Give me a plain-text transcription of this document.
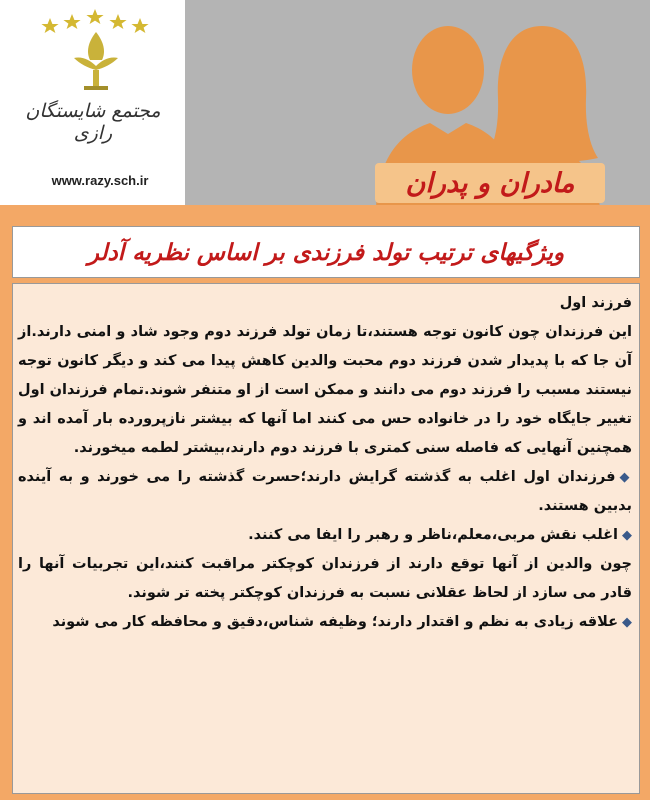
مجتمع شایستگان رازی
www.razy.sch.ir	مادران و پدران
ویژگیهای ترتیب تولد فرزندی بر اساس نظریه آدلر

فرزند اول

این فرزندان چون کانون توجه هستند،تا زمان تولد فرزند دوم وجود شاد و امنی دارند.از آن جا که با پدیدار شدن فرزند دوم محبت والدین کاهش پیدا می کند و دیگر کانون توجه نیستند مسبب را فرزند دوم می دانند و ممکن است از او متنفر شوند.تمام فرزندان اول تغییر جایگاه خود را در خانواده حس می کنند اما آنها که بیشتر نازپرورده بار آمده اند و همچنین آنهایی که فاصله سنی کمتری با فرزند دوم دارند،بیشتر لطمه میخورند.

◆فرزندان اول اغلب به گذشته گرایش دارند؛حسرت گذشته را می خورند و به آینده بدبین هستند.

◆اغلب نقش مربی،معلم،ناظر و رهبر را ایفا می کنند.

چون والدین از آنها توقع دارند از فرزندان کوچکتر مراقبت کنند،این تجربیات آنها را قادر می سازد از لحاظ عقلانی نسبت به فرزندان کوچکتر پخته تر شوند.

◆علاقه زیادی به نظم و اقتدار دارند؛ وظیفه شناس،دقیق و محافظه کار می شوند
